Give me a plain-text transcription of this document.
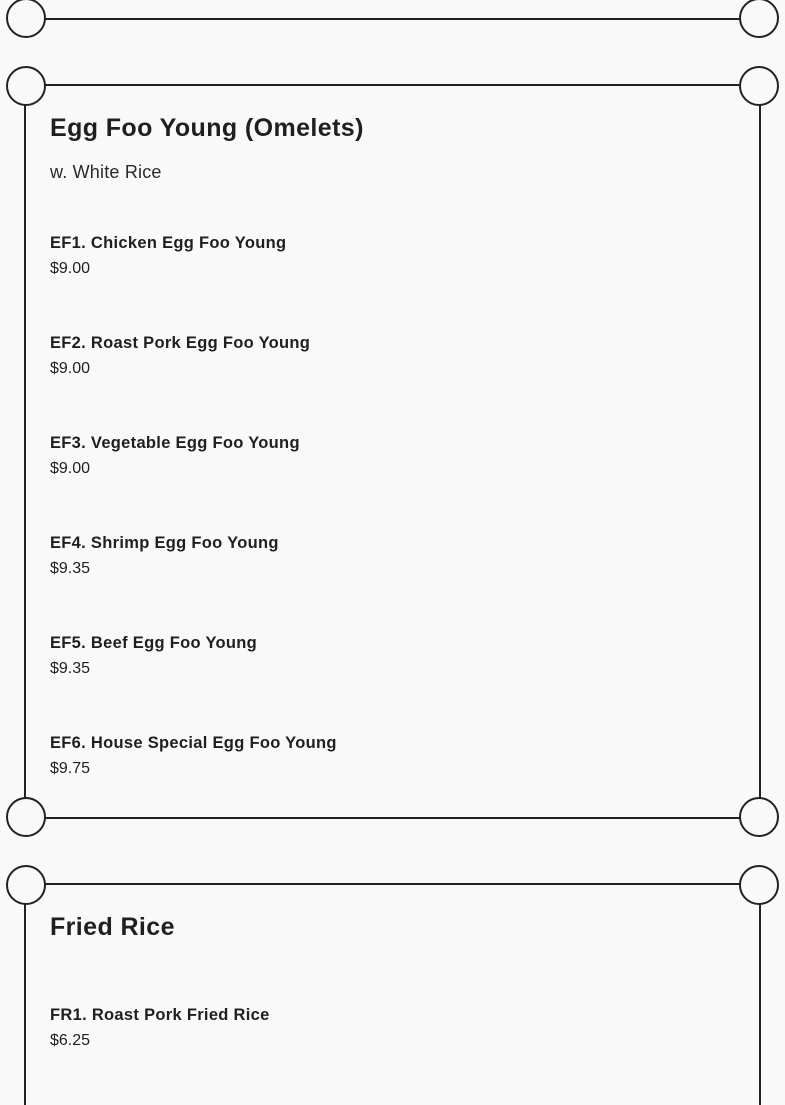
Egg Foo Young (Omelets)

w. White Rice

EF1. Chicken Egg Foo Young
$9.00
EF2. Roast Pork Egg Foo Young
$9.00
EF3. Vegetable Egg Foo Young
$9.00
EF4. Shrimp Egg Foo Young
$9.35
EF5. Beef Egg Foo Young
$9.35
EF6. House Special Egg Foo Young
$9.75
Fried Rice
FR1. Roast Pork Fried Rice
$6.25
